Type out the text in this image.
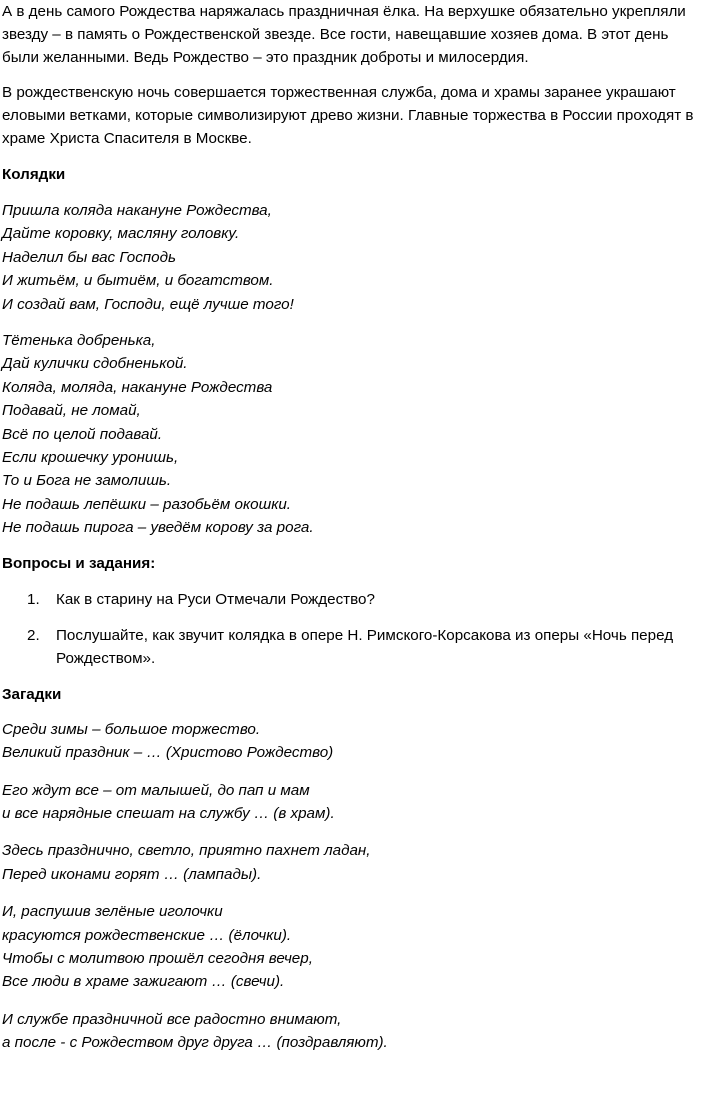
А в день самого Рождества наряжалась праздничная ёлка. На верхушке обязательно укрепляли звезду – в память о Рождественской звезде. Все гости, навещавшие хозяев дома. В этот день были желанными. Ведь Рождество – это праздник доброты и милосердия.

В рождественскую ночь совершается торжественная служба, дома и храмы заранее украшают еловыми ветками, которые символизируют древо жизни. Главные торжества в России проходят в храме Христа Спасителя в Москве.

Колядки
Пришла коляда накануне Рождества,
Дайте коровку, масляну головку.
Наделил бы вас Господь
И житьём, и бытиём, и богатством.
И создай вам, Господи, ещё лучше того!
Тётенька добренька,
Дай кулички сдобненькой.
Коляда, моляда, накануне Рождества
Подавай, не ломай,
Всё по целой подавай.
Если крошечку уронишь,
То и Бога не замолишь.
Не подашь лепёшки – разобьём окошки.
Не подашь пирога – уведём корову за рога.
Вопросы и задания:
1. Как в старину на Руси Отмечали Рождество?
2. Послушайте, как звучит колядка в опере Н. Римского-Корсакова из оперы «Ночь перед
Рождеством».
Загадки
Среди зимы – большое торжество.
Великий праздник – … (Христово Рождество)
Его ждут все – от малышей, до пап и мам
и все нарядные спешат на службу … (в храм).
Здесь празднично, светло, приятно пахнет ладан,
Перед иконами горят … (лампады).
И, распушив зелёные иголочки
красуются рождественские … (ёлочки).
Чтобы с молитвою прошёл сегодня вечер,
Все люди в храме зажигают … (свечи).
И службе праздничной все радостно внимают,
а после - с Рождеством друг друга … (поздравляют).
